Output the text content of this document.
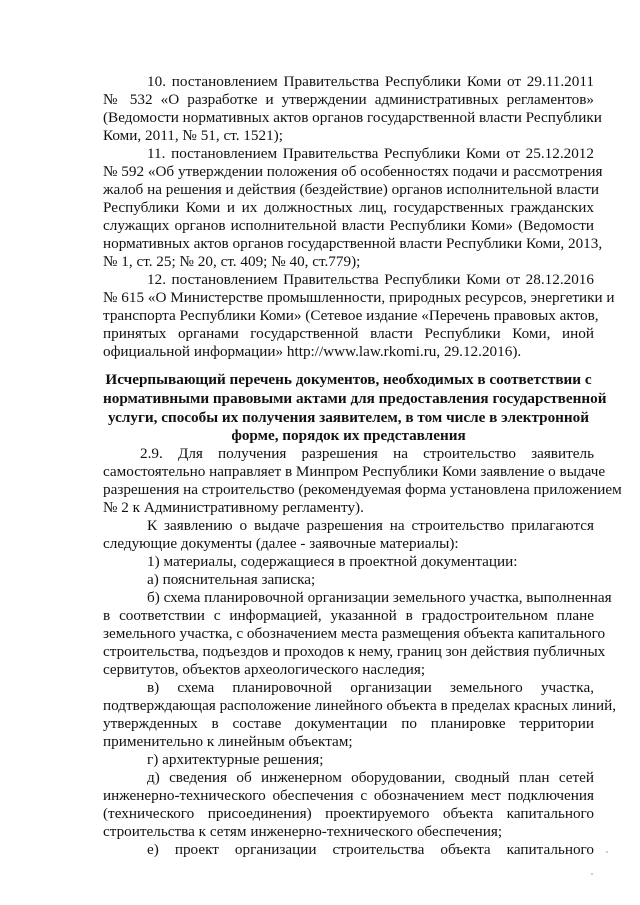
10. постановлением Правительства Республики Коми от 29.11.2011
№ 532 «О разработке и утверждении административных регламентов»
(Ведомости нормативных актов органов государственной власти Республики
Коми, 2011, № 51, ст. 1521);
11. постановлением Правительства Республики Коми от 25.12.2012
№ 592 «Об утверждении положения об особенностях подачи и рассмотрения
жалоб на решения и действия (бездействие) органов исполнительной власти
Республики Коми и их должностных лиц, государственных гражданских
служащих органов исполнительной власти Республики Коми» (Ведомости
нормативных актов органов государственной власти Республики Коми, 2013,
№ 1, ст. 25; № 20, ст. 409; № 40, ст.779);
12. постановлением Правительства Республики Коми от 28.12.2016
№ 615 «О Министерстве промышленности, природных ресурсов, энергетики и
транспорта Республики Коми» (Сетевое издание «Перечень правовых актов,
принятых органами государственной власти Республики Коми, иной
официальной информации» http://www.law.rkomi.ru, 29.12.2016).
Исчерпывающий перечень документов, необходимых в соответствии с
нормативными правовыми актами для предоставления государственной
услуги, способы их получения заявителем, в том числе в электронной
форме, порядок их представления
2.9. Для получения разрешения на строительство заявитель
самостоятельно направляет в Минпром Республики Коми заявление о выдаче
разрешения на строительство (рекомендуемая форма установлена приложением
№ 2 к Административному регламенту).
К заявлению о выдаче разрешения на строительство прилагаются
следующие документы (далее - заявочные материалы):
1) материалы, содержащиеся в проектной документации:
а) пояснительная записка;
б) схема планировочной организации земельного участка, выполненная
в соответствии с информацией, указанной в градостроительном плане
земельного участка, с обозначением места размещения объекта капитального
строительства, подъездов и проходов к нему, границ зон действия публичных
сервитутов, объектов археологического наследия;
в) схема планировочной организации земельного участка,
подтверждающая расположение линейного объекта в пределах красных линий,
утвержденных в составе документации по планировке территории
применительно к линейным объектам;
г) архитектурные решения;
д) сведения об инженерном оборудовании, сводный план сетей
инженерно-технического обеспечения с обозначением мест подключения
(технического присоединения) проектируемого объекта капитального
строительства к сетям инженерно-технического обеспечения;
е) проект организации строительства объекта капитального
